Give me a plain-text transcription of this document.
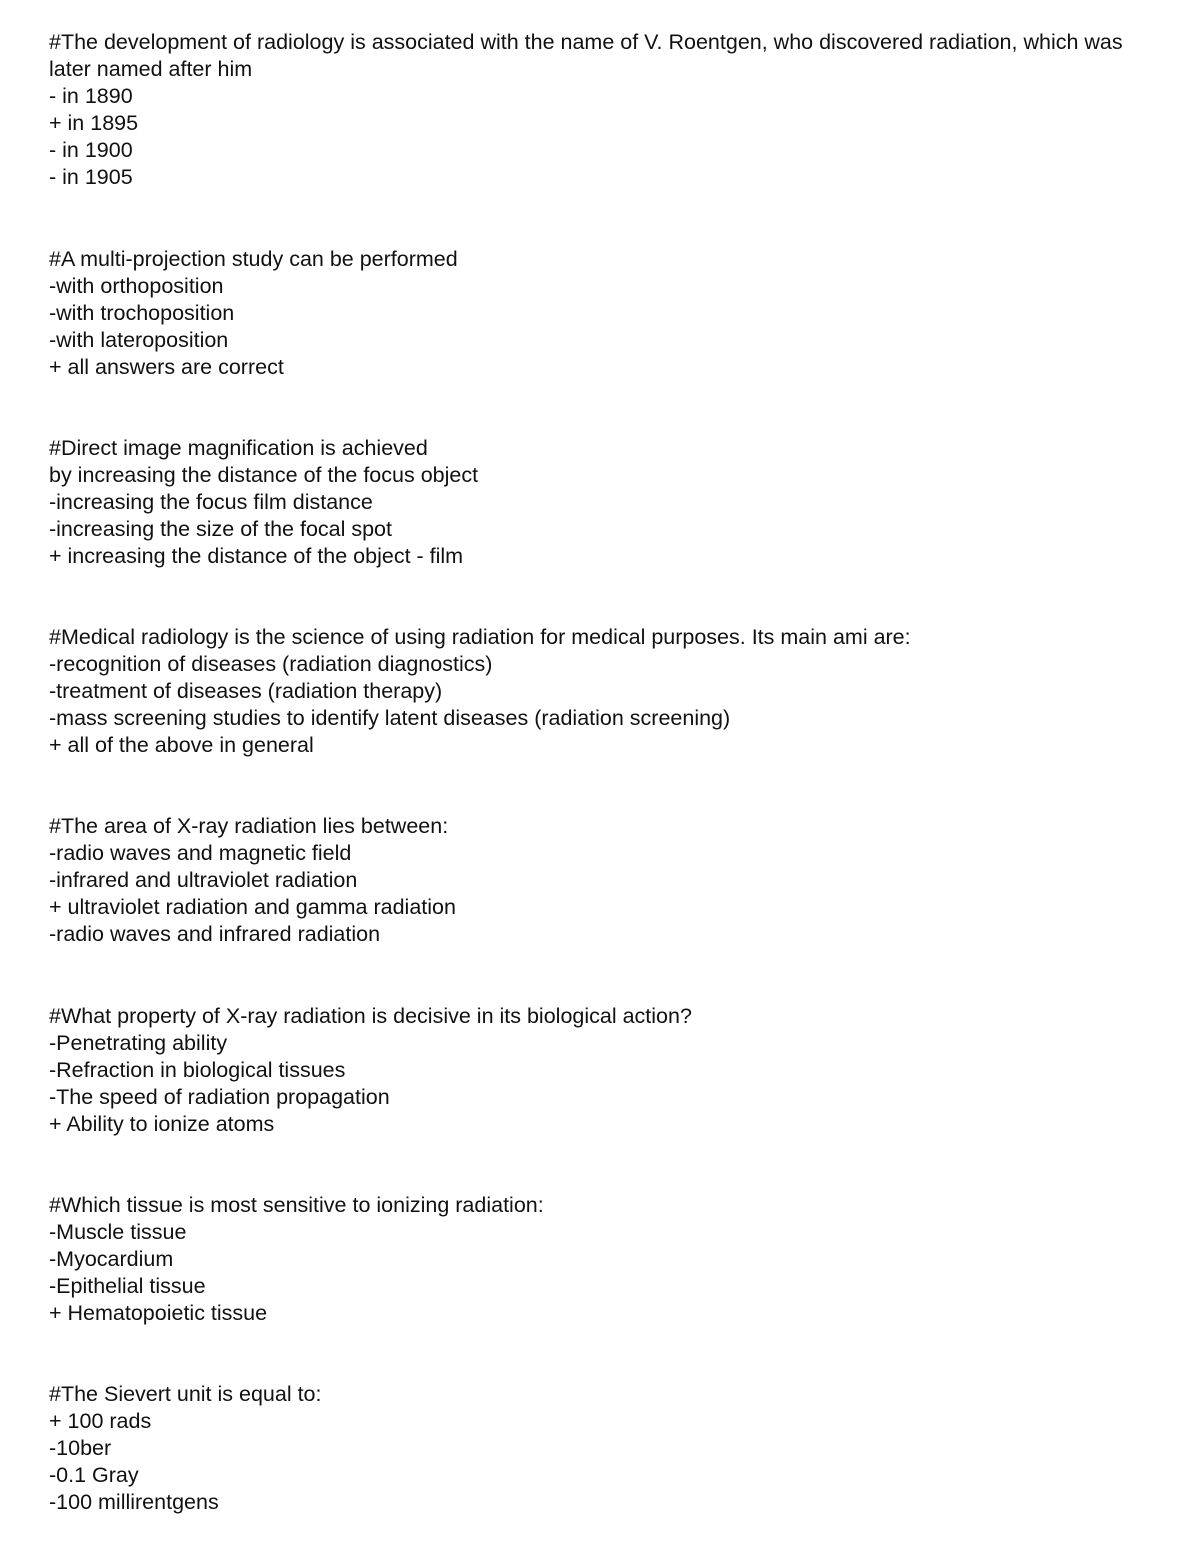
#The development of radiology is associated with the name of V. Roentgen, who discovered radiation, which was later named after him
- in 1890
+ in 1895
- in 1900
- in 1905
#A multi-projection study can be performed
-with orthoposition
-with trochoposition
-with lateroposition
+ all answers are correct
#Direct image magnification is achieved
by increasing the distance of the focus object
-increasing the focus film distance
-increasing the size of the focal spot
+ increasing the distance of the object - film
#Medical radiology is the science of using radiation for medical purposes. Its main ami are:
-recognition of diseases (radiation diagnostics)
-treatment of diseases (radiation therapy)
-mass screening studies to identify latent diseases (radiation screening)
+ all of the above in general
#The area of X-ray radiation lies between:
-radio waves and magnetic field
-infrared and ultraviolet radiation
+ ultraviolet radiation and gamma radiation
-radio waves and infrared radiation
#What property of X-ray radiation is decisive in its biological action?
-Penetrating ability
-Refraction in biological tissues
-The speed of radiation propagation
+ Ability to ionize atoms
#Which tissue is most sensitive to ionizing radiation:
-Muscle tissue
-Myocardium
-Epithelial tissue
+ Hematopoietic tissue
#The Sievert unit is equal to:
+ 100 rads
-10ber
-0.1 Gray
-100 millirentgens
